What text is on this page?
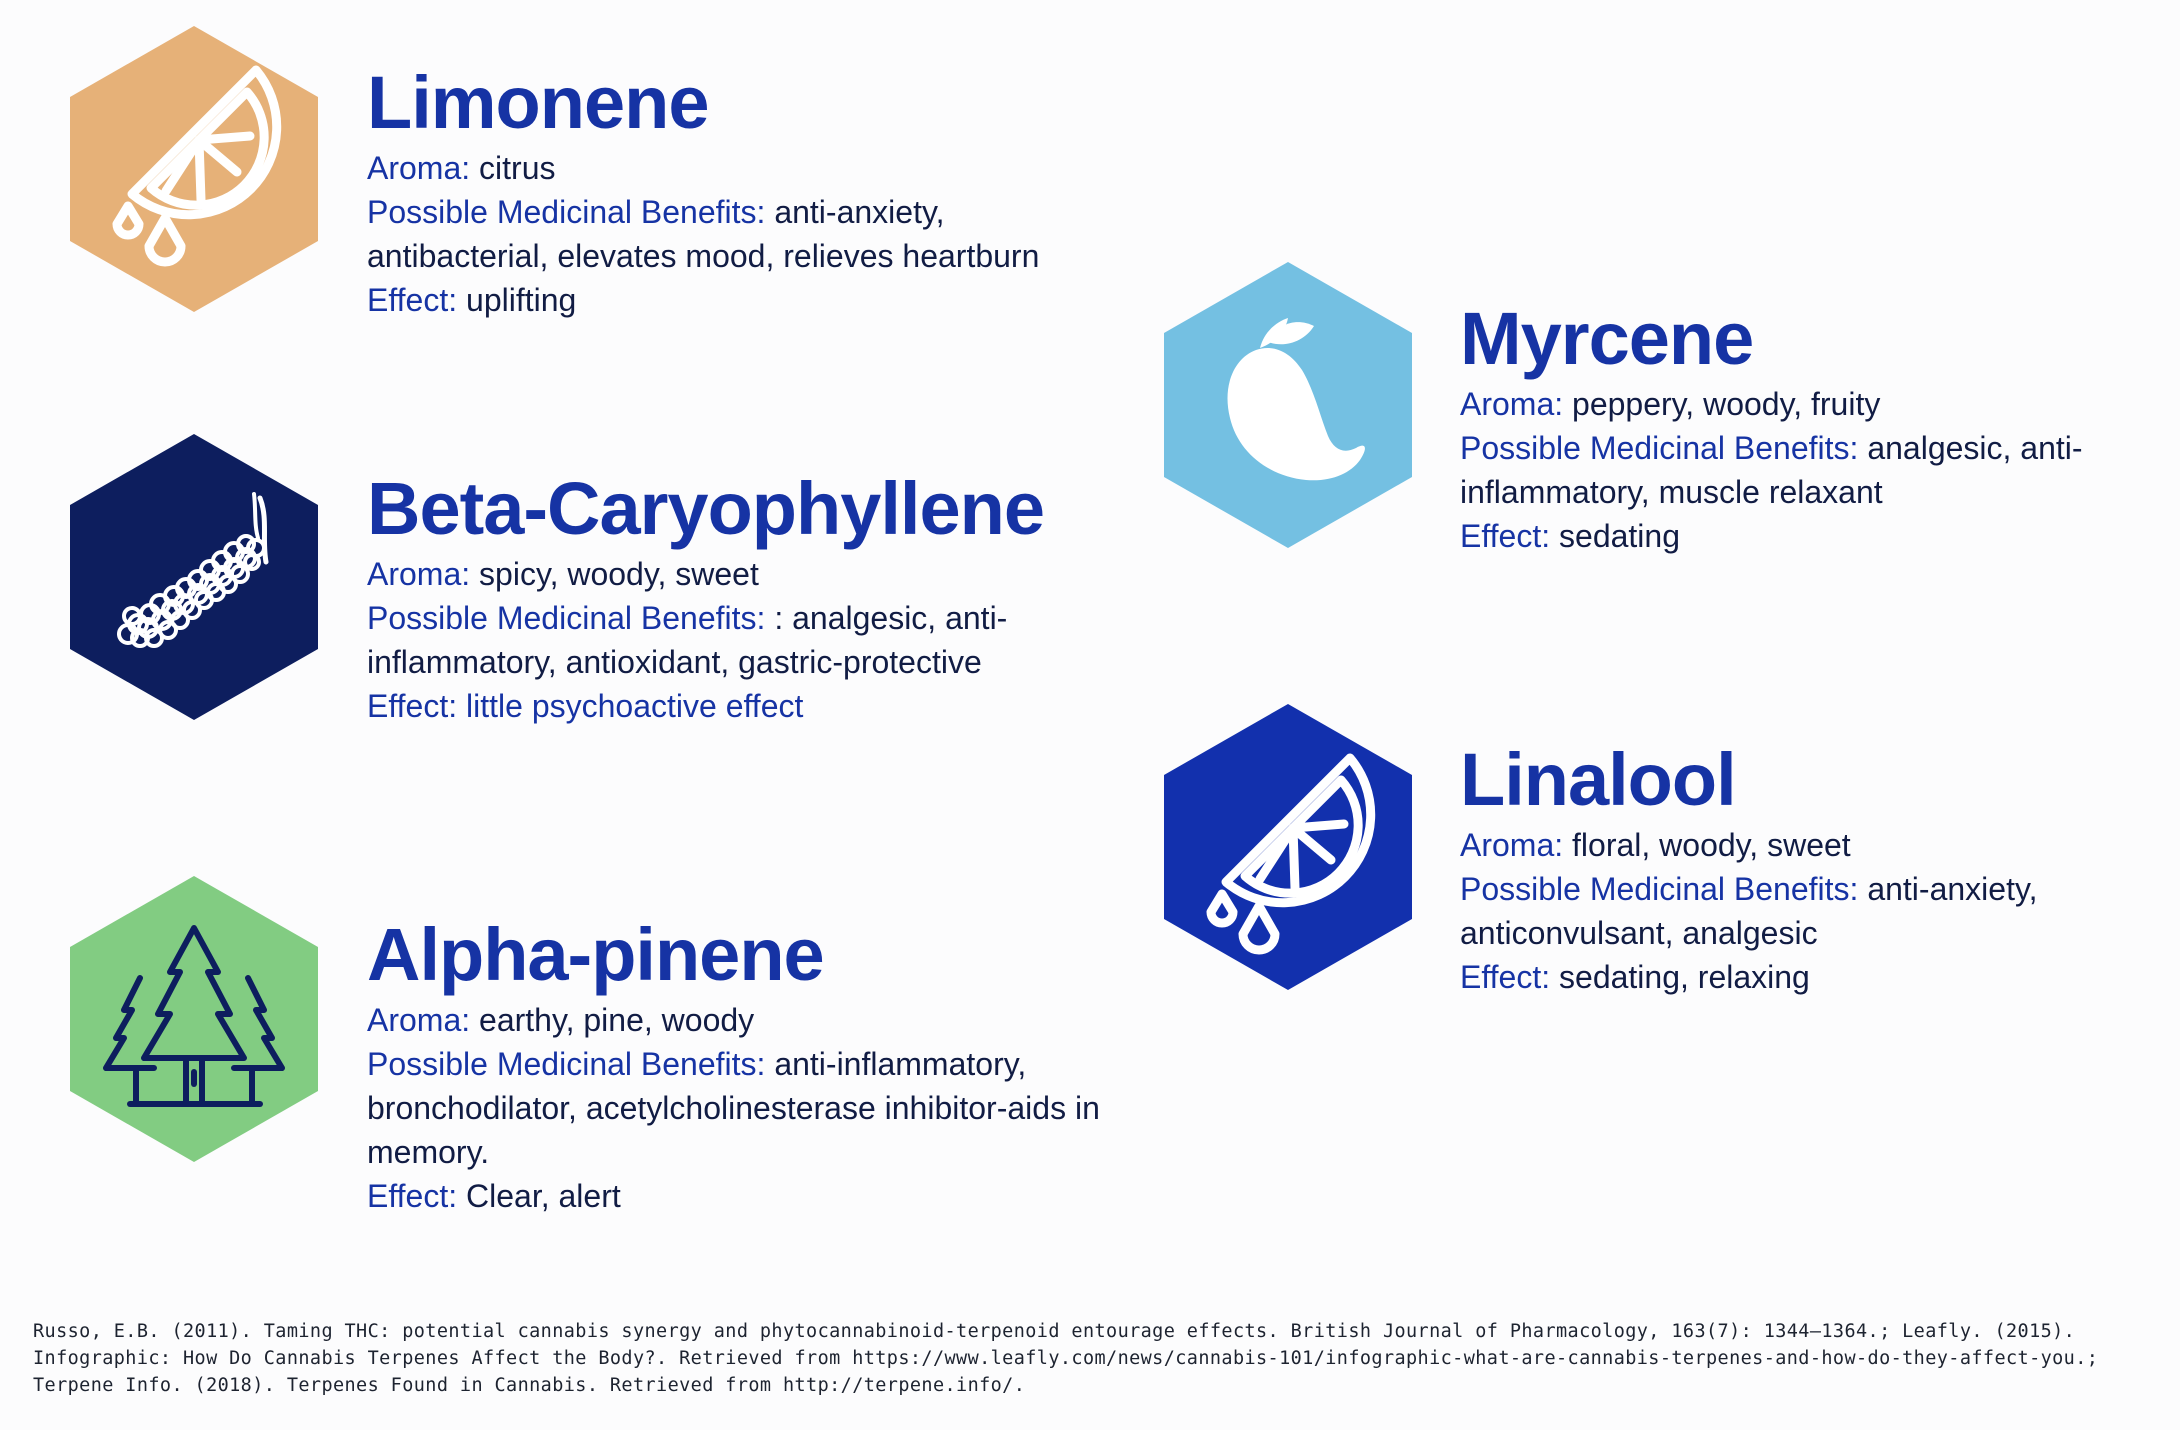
Limonene
Aroma: citrus
Possible Medicinal Benefits: anti-anxiety, antibacterial, elevates mood, relieves heartburn
Effect: uplifting
Beta-Caryophyllene
Aroma: spicy, woody, sweet
Possible Medicinal Benefits: : analgesic, anti-inflammatory, antioxidant, gastric-protective
Effect: little psychoactive effect
Alpha-pinene
Aroma: earthy, pine, woody
Possible Medicinal Benefits: anti-inflammatory, bronchodilator, acetylcholinesterase inhibitor-aids in memory.
Effect: Clear, alert
Myrcene
Aroma: peppery, woody, fruity
Possible Medicinal Benefits: analgesic, anti-inflammatory, muscle relaxant
Effect: sedating
Linalool
Aroma: floral, woody, sweet
Possible Medicinal Benefits: anti-anxiety, anticonvulsant, analgesic
Effect: sedating, relaxing
Russo, E.B. (2011). Taming THC: potential cannabis synergy and phytocannabinoid-terpenoid entourage effects. British Journal of Pharmacology, 163(7): 1344–1364.; Leafly. (2015). Infographic: How Do Cannabis Terpenes Affect the Body?. Retrieved from https://www.leafly.com/news/cannabis-101/infographic-what-are-cannabis-terpenes-and-how-do-they-affect-you.; Terpene Info. (2018). Terpenes Found in Cannabis. Retrieved from http://terpene.info/.
